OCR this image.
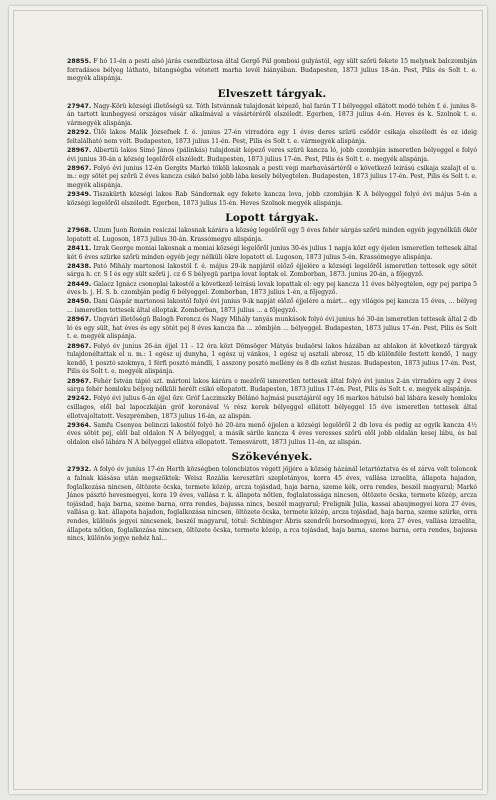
28855. F hó 11-én a pesti alsó járás csendbiztosa által Gergő Pál gombosi gulyástól, egy sült szőrü fekete 15 melynek balczombján forradásos bélyeg látható, bitangségba vétetett marha levél hiányában. Budapesten, 1873 julius 18-án. Pest, Pilis és Solt t. e. megyék alispánja.

Elveszett tárgyak.

27947. Nagy-Körü községi illetőségü sz. Tóth Istvánnak tulajdonát képező, bal farán T I bélyeggel ellátott modó tehén f. é. junius 8-án tartott kunhegyesi országos vásár alkalmával a vásártéréről elszéledt. Egerben, 1873 julius 4-én. Heves és k. Szolnok t. e. vármegyék alispánja.

28292. Ülői lakos Malik Józsefnek f. é. junius 27-én virradóra egy 1 éves deres szürü csődör csikaja elszéledt és ez ideig feltalálható nem volt. Budapesten, 1873 julius 11-én. Pest, Pilis és Solt t. e. vármegyék alispánja.

28967. Albertiü lakos Simó János (pálinkás) tulajdonát képező veres szürü kancza ló, jobb czombján ismeretlen bélyeggel e folyó évi junius 30-án a község legelőről elszéledt. Budapesten, 1873 julius 17-én. Pest, Pilis és Solt t. e. megyék alispánja.

28967. Folyó évi junius 12-én Gergits Markó tököli lakosnak a pesti vegi marhavásártéről e következő leirású csikaja szalajt el u. m.: egy sötét pej szőrü 2 éves kancza csikó balsó jobb lába kesely bélyegtelen. Budapesten, 1873 julius 17-én. Pest, Pilis és Solt t. e. megyék alispánja.

29349. Tiszakürth községi lakos Rab Sándornak egy fekete kancza lova, jobb czombján K A bélyeggel folyó évi május 5-én a községi legelőről elszéledt. Egerben, 1873 julius 15-én. Heves Szolnok megyék alispánja.

Lopott tárgyak.

27968. Uzum Juon Román resiczai lakosnak kárára a község legelőről egy 5 éves fehér sárgás szőrü minden egyéb jegynélküli ökör lopatott el. Lugoson, 1873 julius 30-án. Krassómegye alispánja.

28411. Izrak George moniai lakosnak a moniai községi legelőről junius 30-és julius 1 napja közt egy éjelen ismeretlen tettesek által két 6 éves szürke szőrü minden egyéb jegy nélküli ökre lopatott el. Lugoson, 1873 julius 5-én. Krassómegye alispánja.

28438. Pató Mihály martonosi lakostól f. é. május 29-ik napjáról előző éjjelére a községi legelőről ismeretlen tettesek egy sötét sárga h. cr. S I és egy sült szőrü j. cz 6 S bélyegü paripa lovat loptak el. Zomborban, 1873. junius 20-án, a főjegyző.

28449. Galacz Ignácz csonoplai lakostól a következő leirású lovak lopattak el: egy pej kancza 11 éves bélyegtelen, egy pej paripa 5 éves b. j. H. S. b. czombján pedig 6 bélyeggel. Zomborban, 1873 julius 1-én, a főjegyző.

28450. Dani Gáspár martonosi lakostól folyó évi junius 9-ik napját előző éjjelére a márt... egy világos pej kancza 15 éves, ... bélyeg ... ismeretlen tettesek által elloptak. Zomborban, 1873 julius ... a főjegyző.

28967. Ungvári illetőségü Balogh Ferencz és Nagy Mihály tanyás munkások folyó évi junius hó 30-án ismeretlen tettesek által 2 db ló és egy sült, hat éves és egy sötét pej 8 éves kancza fia ... zömbjén ... bélyeggel. Budapesten, 1873 julius 17-én. Pest, Pilis és Solt t. e. megyék alispánja.

28967. Folyó év junius 26-án éjjel 11 - 12 óra közt Dömsöger Mátyás budaörsi lakos házában az ablakon át következő tárgyak tulajdonéltattak el u. m.: 1 egész uj dunyha, 1 egész uj vánkos, 1 egész uj asztali abrosz, 15 db különféle festett kendő, 1 nagy kendő, 1 posztó szokmya, 1 férfi posztó mándli, 1 asszony posztó mellény és 8 db ezüst huszas. Budapesten, 1873 julius 17-én. Pest, Pilis és Solt t. e. megyék alispánja.

28967. Fehér István tápió szt. mártoni lakos kárára e mezőről ismeretlen tettesek által folyó évi junius 2-án virradóra egy 2 éves sárga fehér homloku bélyeg nélküli herélt csikó ellopatott. Budapesten, 1873 julius 17-én. Pest, Pilis és Solt t. e. megyék alispánja.

29242. Folyó évi julius 6-án éjjel őzv. Gróf Laczinszky Bélánó hajmási pusztájáról egy 16 markos hátulsó bal lábára kesely homloku csillagos, elől bal lapoczkáján gróf koronával ¼ rész kerek bélyeggel ellátott bélyeggel 15 éve ismeretlen tettesek által ellotvajoltatott. Veszprémben, 1873 julius 16-án, az alispán.

29364. Samfu Csenyea belinczi lakostól folyó hó 20-ára menő éjjelen a községi legelőről 2 db lova és pedig az egyik kancza 4½ éves sötét pej, elől bal oldalon N A bélyeggel, a másik sárile kancza 4 éves veresses szőrü elől jobb oldalán kesej lábu, és bal oldalon első lábára N A bélyeggel ellátva ellopatott. Temesvárott, 1873 julius 11-én, az alispán.

Szökevények.

27932. A folyó év junius 17-én Herth községben toloncbiztos végett jöjjére a község házánál letartóztatva és el zárva volt toloncok a falnak kiásása után megszöktek: Weisz Rozália keresztüri szeplotányos, korra 45 éves, vallása izraelita, állapota hajadon, foglalkozása nincsen, öltözete öcska, termete közép, arcza tojásdad, haja barna, szeme kék, orra rendes, beszél magyarul; Markó János pásztó hevesmegyei, kora 19 éves, vallása r. k. állapota nőtlen, foglalatossága nincsen, öltözete öcska, termete közép, arcza tojásdad, haja barna, szeme barna, orra rendes, bajussa nincs, beszél magyarul; Frelignik Julia, kassai abaujmegyei kora 27 éves, vallása g. kat. állapota hajadon, foglalkozása nincsen, öltözete öcska, termete közép, arcza tojásdad, haja barna, szeme szürke, orra rendes, különös jegyei nincsenek, beszél magyarul, tótul: Schbinger Ábris szendrői borsodmegyei, kora 27 éves, vallása izraelita, állapota nőtlen, foglalkozása nincsen, öltözete öcska, termete közép, a rca tojásdad, haja barna, szeme barna, orra rendes, bajussa nincs, különös jegye nehéz hal...
